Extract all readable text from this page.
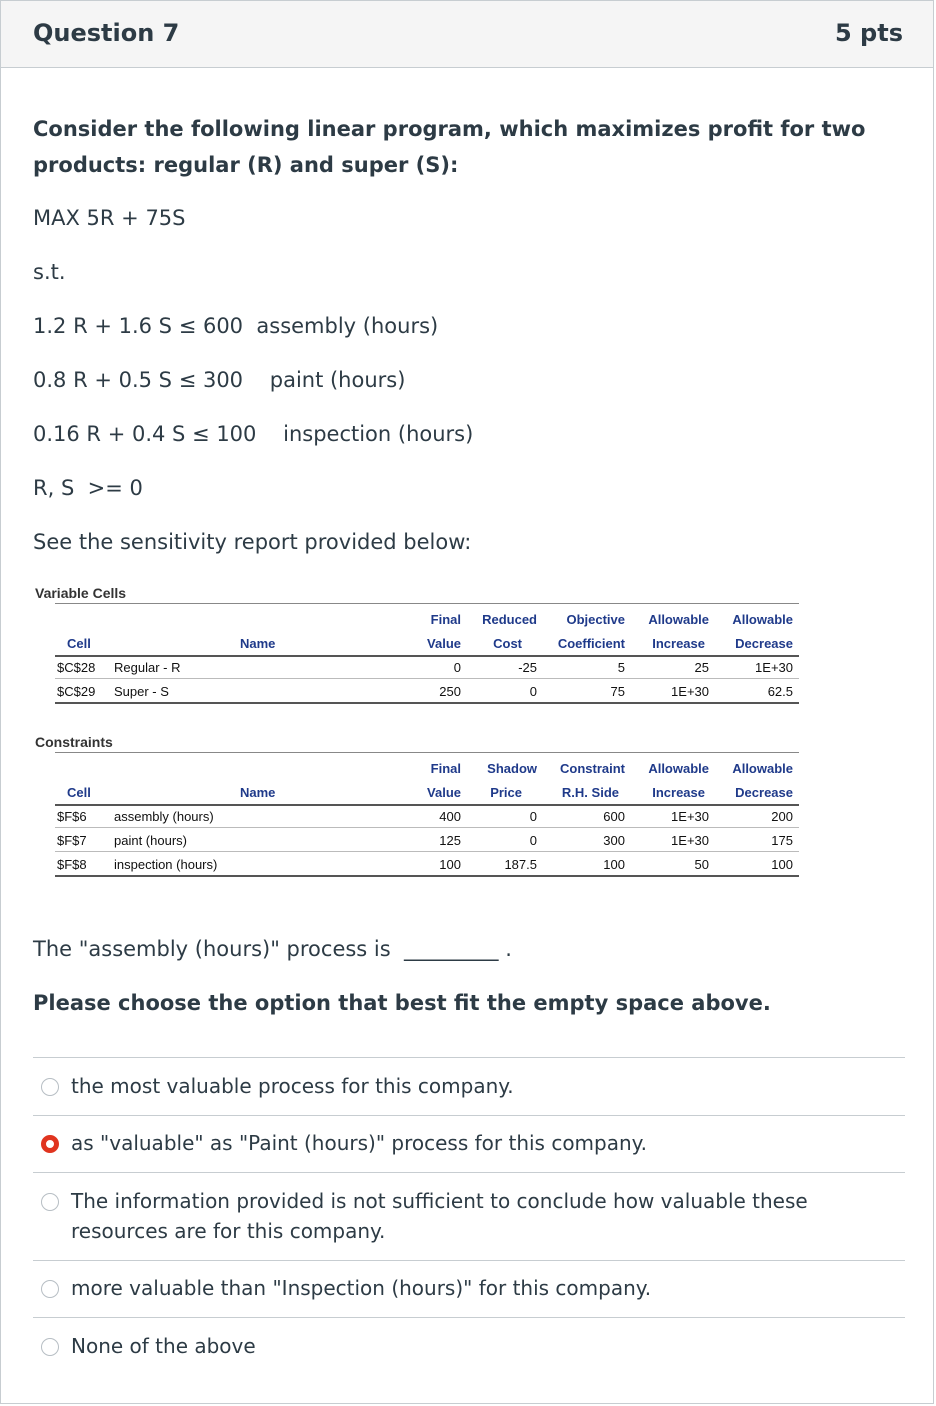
Question 7	5 pts
Consider the following linear program, which maximizes profit for two products: regular (R) and super (S):
MAX 5R + 75S
s.t.
1.2 R + 1.6 S ≤ 600  assembly (hours)
0.8 R + 0.5 S ≤ 300    paint (hours)
0.16 R + 0.4 S ≤ 100    inspection (hours)
R, S  >= 0
See the sensitivity report provided below:
Variable Cells
Final	Reduced	Objective	Allowable	Allowable
Cell	Name	Value	Cost	Coefficient	Increase	Decrease
$C$28 Regular - R	0	-25	5	25	1E+30
$C$29 Super - S	250	0	75	1E+30	62.5
Constraints
Final	Shadow	Constraint	Allowable	Allowable
Cell	Name	Value	Price	R.H. Side	Increase	Decrease
$F$6 assembly (hours)	400	0	600	1E+30	200
$F$7 paint (hours)	125	0	300	1E+30	175
$F$8 inspection (hours)	100	187.5	100	50	100
The "assembly (hours)" process is  _________ .
Please choose the option that best fit the empty space above.
the most valuable process for this company.
as "valuable" as "Paint (hours)" process for this company.
The information provided is not sufficient to conclude how valuable these resources are for this company.
more valuable than "Inspection (hours)" for this company.
None of the above
